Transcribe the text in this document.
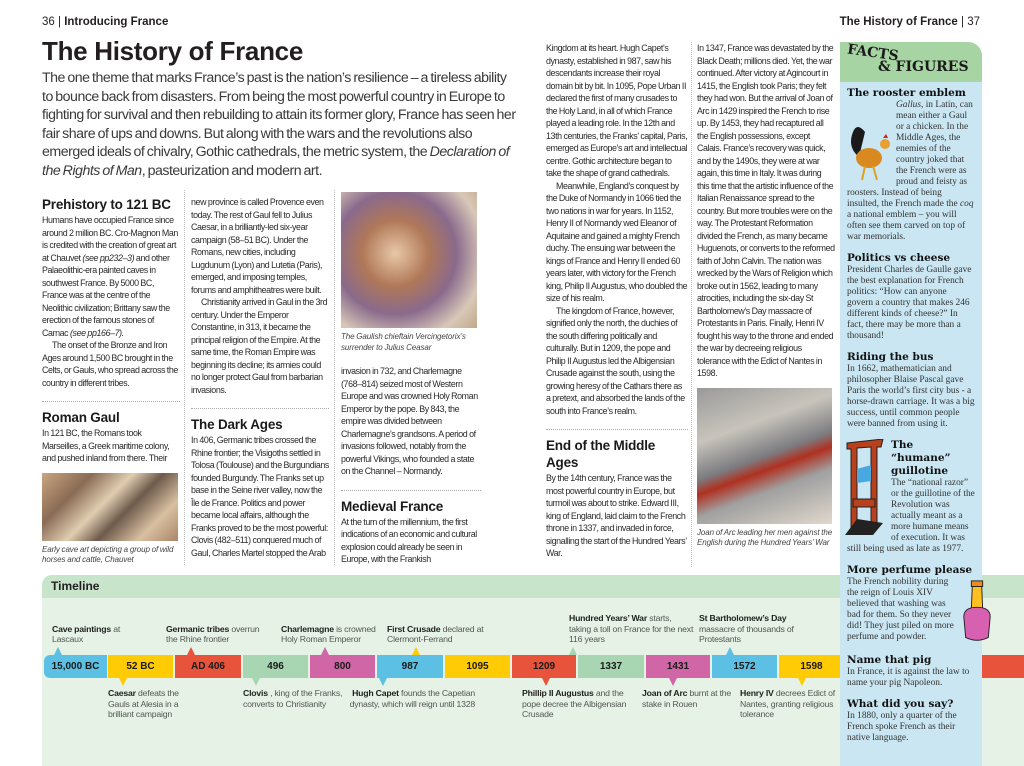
36 | Introducing France	The History of France | 37
The History of France

The one theme that marks France’s past is the nation’s resilience – a tireless ability to bounce back from disasters. From being the most powerful country in Europe to fighting for survival and then rebuilding to attain its former glory, France has seen her fair share of ups and downs. But along with the wars and the revolutions also emerged ideals of chivalry, Gothic cathedrals, the metric system, the Declaration of the Rights of Man, pasteurization and modern art.

Prehistory to 121 BC

Humans have occupied France since around 2 million BC. Cro-Magnon Man is credited with the creation of great art at Chauvet (see pp232–3) and other Palaeolithic-era painted caves in southwest France. By 5000 BC, France was at the centre of the Neolithic civilization; Brittany saw the erection of the famous stones of Carnac (see pp166–7).

The onset of the Bronze and Iron Ages around 1,500 BC brought in the Celts, or Gauls, who spread across the country in different tribes.

Roman Gaul

In 121 BC, the Romans took Marseilles, a Greek maritime colony, and pushed inland from there. Their

Early cave art depicting a group of wild horses and cattle, Chauvet

new province is called Provence even today. The rest of Gaul fell to Julius Caesar, in a brilliantly-led six-year campaign (58–51 BC). Under the Romans, new cities, including Lugdunum (Lyon) and Lutetia (Paris), emerged, and imposing temples, forums and amphitheatres were built.

Christianity arrived in Gaul in the 3rd century. Under the Emperor Constantine, in 313, it became the principal religion of the Empire. At the same time, the Roman Empire was beginning its decline; its armies could no longer protect Gaul from barbarian invasions.

The Dark Ages

In 406, Germanic tribes crossed the Rhine frontier; the Visigoths settled in Tolosa (Toulouse) and the Burgundians founded Burgundy. The Franks set up base in the Seine river valley, now the Île de France. Politics and power became local affairs, although the Franks proved to be the most powerful: Clovis (482–511) conquered much of Gaul, Charles Martel stopped the Arab

The Gaulish chieftain Vercingetorix’s surrender to Julius Ceasar

invasion in 732, and Charlemagne (768–814) seized most of Western Europe and was crowned Holy Roman Emperor by the pope. By 843, the empire was divided between Charlemagne’s grandsons. A period of invasions followed, notably from the powerful Vikings, who founded a state on the Channel – Normandy.

Medieval France

At the turn of the millennium, the first indications of an economic and cultural explosion could already be seen in Europe, with the Frankish

Kingdom at its heart. Hugh Capet’s dynasty, established in 987, saw his descendants increase their royal domain bit by bit. In 1095, Pope Urban II declared the first of many crusades to the Holy Land, in all of which France played a leading role. In the 12th and 13th centuries, the Franks’ capital, Paris, emerged as Europe’s art and intellectual centre. Gothic architecture began to take the shape of grand cathedrals.

Meanwhile, England’s conquest by the Duke of Normandy in 1066 tied the two nations in war for years. In 1152, Henry II of Normandy wed Eleanor of Aquitaine and gained a mighty French duchy. The ensuing war between the kings of France and Henry II ended 60 years later, with victory for the French king, Philip II Augustus, who doubled the size of his realm.

The kingdom of France, however, signified only the north, the duchies of the south differing politically and culturally. But in 1209, the pope and Philip II Augustus led the Albigensian Crusade against the south, using the growing heresy of the Cathars there as a pretext, and absorbed the lands of the south into France’s realm.

End of the Middle Ages

By the 14th century, France was the most powerful country in Europe, but turmoil was about to strike. Edward III, king of England, laid claim to the French throne in 1337, and invaded in force, signalling the start of the Hundred Years’ War.

In 1347, France was devastated by the Black Death; millions died. Yet, the war continued. After victory at Agincourt in 1415, the English took Paris; they felt they had won. But the arrival of Joan of Arc in 1429 inspired the French to rise up. By 1453, they had recaptured all the English possessions, except Calais. France’s recovery was quick, and by the 1490s, they were at war again, this time in Italy. It was during this time that the artistic influence of the Italian Renaissance spread to the country. But more troubles were on the way. The Protestant Reformation divided the French, as many became Huguenots, or converts to the reformed faith of John Calvin. The nation was wrecked by the Wars of Religion which broke out in 1562, leading to many atrocities, including the six-day St Bartholomew’s Day massacre of Protestants in Paris. Finally, Henri IV fought his way to the throne and ended the war by decreeing religious tolerance with the Edict of Nantes in 1598.

Joan of Arc leading her men against the English during the Hundred Years’ War
FACTS
& FIGURES
The rooster emblem

Gallus, in Latin, can mean either a Gaul or a chicken. In the Middle Ages, the enemies of the country joked that the French were as proud and feisty as roosters. Instead of being insulted, the French made the coq a national emblem – you will often see them carved on top of war memorials.

Politics vs cheese

President Charles de Gaulle gave the best explanation for French politics: “How can anyone govern a country that makes 246 different kinds of cheese?” In fact, there may be more than a thousand!

Riding the bus

In 1662, mathematician and philosopher Blaise Pascal gave Paris the world’s first city bus - a horse-drawn carriage. It was a big success, until common people were banned from using it.

The “humane” guillotine

The “national razor” or the guillotine of the Revolution was actually meant as a more humane means of execution. It was still being used as late as 1977.

More perfume please

The French nobility during the reign of Louis XIV believed that washing was bad for them. So they never did! They just piled on more perfume and powder.

Name that pig

In France, it is against the law to name your pig Napoleon.

What did you say?

In 1880, only a quarter of the French spoke French as their native language.

Timeline
15,000 BC	52 BC	AD 406	496	800	987	1095	1209	1337	1431	1572	1598
Cave paintings at Lascaux
Caesar defeats the Gauls at Alesia in a brilliant campaign
Germanic tribes overrun the Rhine frontier
Clovis , king of the Franks, converts to Christianity
Charlemagne is crowned Holy Roman Emperor
Hugh Capet founds the Capetian dynasty, which will reign until 1328
First Crusade declared at Clermont-Ferrand
Phillip II Augustus and the pope decree the Albigensian Crusade
Hundred Years’ War starts, taking a toll on France for the next 116 years
Joan of Arc burnt at the stake in Rouen
St Bartholomew’s Day massacre of thousands of Protestants
Henry IV decrees Edict of Nantes, granting religious tolerance
